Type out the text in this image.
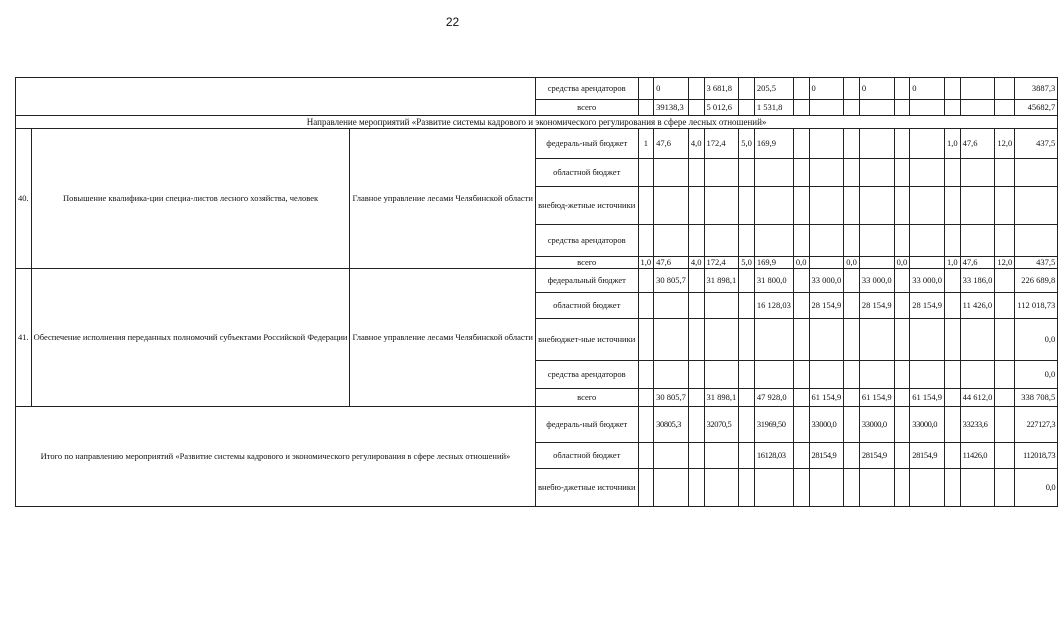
22
			средства арендаторов		0		3 681,8		205,5		0		0		0				3887,3
			всего		39138,3		5 012,6		1 531,8										45682,7
Направление мероприятий «Развитие системы кадрового и экономического регулирования в сфере лесных отношений»																			
40.	Повышение квалифика-ции специа-листов лесного хозяйства, человек	Главное управление лесами Челябинской области	федераль-ный бюджет	1	47,6	4,0	172,4	5,0	169,9							1,0	47,6	12,0	437,5
			областной бюджет																
			внебюд-жетные источники																
			средства арендаторов																
			всего	1,0	47,6	4,0	172,4	5,0	169,9	0,0		0,0		0,0		1,0	47,6	12,0	437,5
41.	Обеспечение исполнения переданных полномочий субъектами Российской Федерации	Главное управление лесами Челябинской области	федеральный бюджет		30 805,7		31 898,1		31 800,0		33 000,0		33 000,0		33 000,0		33 186,0		226 689,8
			областной бюджет						16 128,03		28 154,9		28 154,9		28 154,9		11 426,0		112 018,73
			внебюджет-ные источники																0,0
			средства арендаторов																0,0
			всего		30 805,7		31 898,1		47 928,0		61 154,9		61 154,9		61 154,9		44 612,0		338 708,5
Итого по направлению мероприятий «Развитие системы кадрового и экономического регулирования в сфере лесных отношений»			федераль-ный бюджет		30805,3		32070,5		31969,50		33000,0		33000,0		33000,0		33233,6		227127,3
			областной бюджет						16128,03		28154,9		28154,9		28154,9		11426,0		112018,73
			внебю-джетные источники																0,0
